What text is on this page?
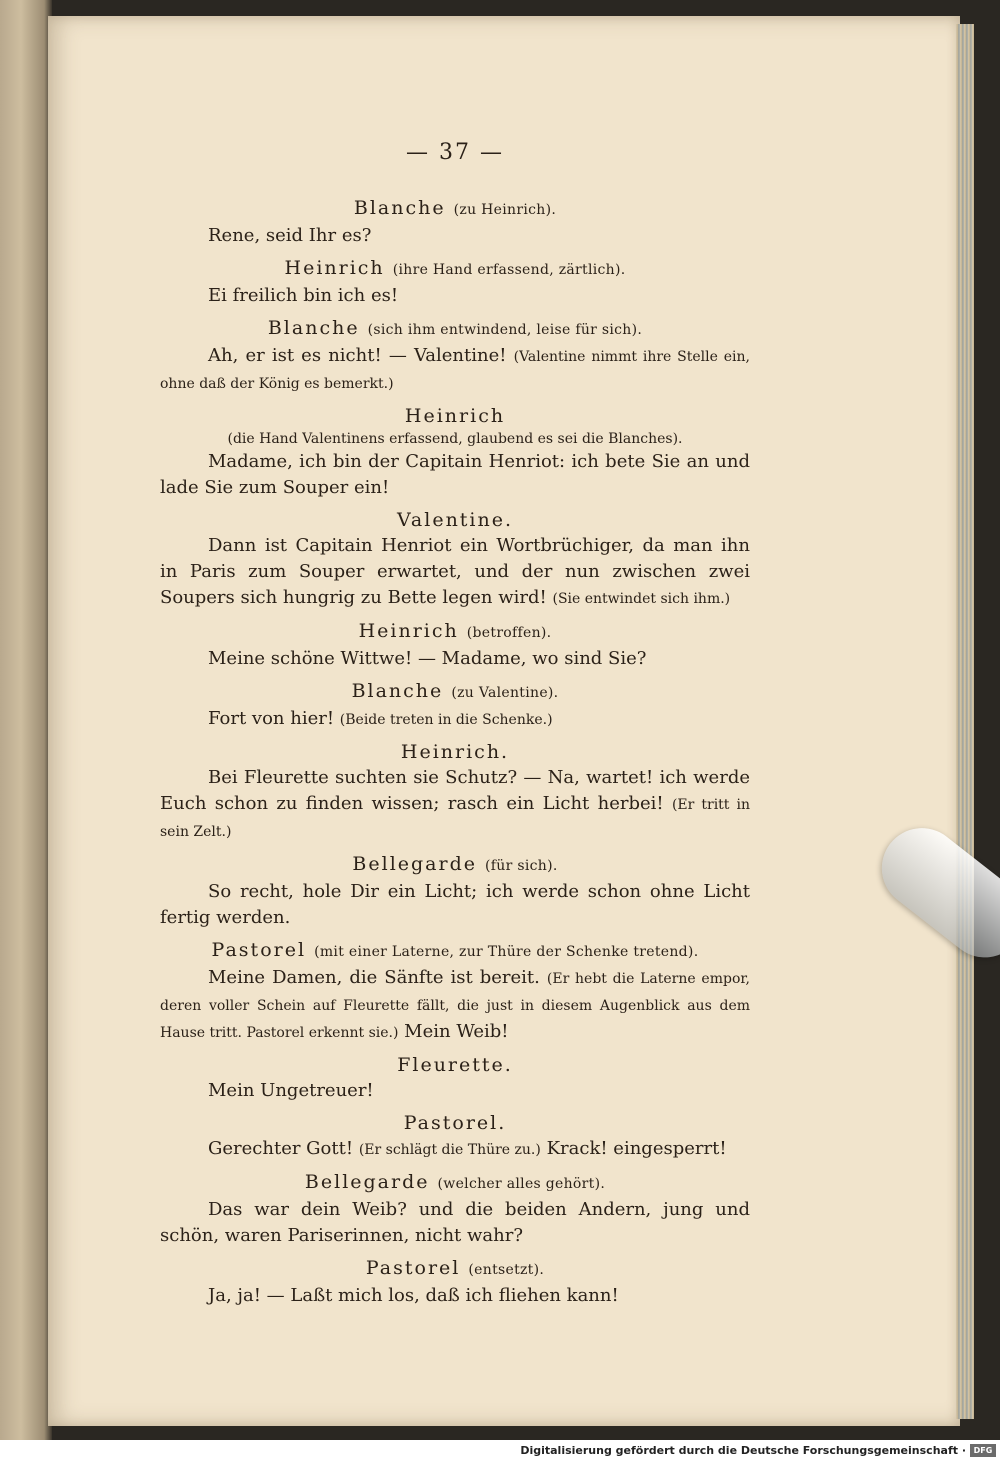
— 37 —
Blanche (zu Heinrich).
Rene, seid Ihr es?
Heinrich (ihre Hand erfassend, zärtlich).
Ei freilich bin ich es!
Blanche (sich ihm entwindend, leise für sich).
Ah, er ist es nicht! — Valentine! (Valentine nimmt ihre Stelle ein, ohne daß der König es bemerkt.)
Heinrich
(die Hand Valentinens erfassend, glaubend es sei die Blanches).
Madame, ich bin der Capitain Henriot: ich bete Sie an und lade Sie zum Souper ein!
Valentine.
Dann ist Capitain Henriot ein Wortbrüchiger, da man ihn in Paris zum Souper erwartet, und der nun zwischen zwei Soupers sich hungrig zu Bette legen wird! (Sie entwindet sich ihm.)
Heinrich (betroffen).
Meine schöne Wittwe! — Madame, wo sind Sie?
Blanche (zu Valentine).
Fort von hier! (Beide treten in die Schenke.)
Heinrich.
Bei Fleurette suchten sie Schutz? — Na, wartet! ich werde Euch schon zu finden wissen; rasch ein Licht herbei! (Er tritt in sein Zelt.)
Bellegarde (für sich).
So recht, hole Dir ein Licht; ich werde schon ohne Licht fertig werden.
Pastorel (mit einer Laterne, zur Thüre der Schenke tretend).
Meine Damen, die Sänfte ist bereit. (Er hebt die Laterne empor, deren voller Schein auf Fleurette fällt, die just in diesem Augenblick aus dem Hause tritt. Pastorel erkennt sie.) Mein Weib!
Fleurette.
Mein Ungetreuer!
Pastorel.
Gerechter Gott! (Er schlägt die Thüre zu.) Krack! eingesperrt!
Bellegarde (welcher alles gehört).
Das war dein Weib? und die beiden Andern, jung und schön, waren Pariserinnen, nicht wahr?
Pastorel (entsetzt).
Ja, ja! — Laßt mich los, daß ich fliehen kann!
Digitalisierung gefördert durch die Deutsche Forschungsgemeinschaft · DFG
